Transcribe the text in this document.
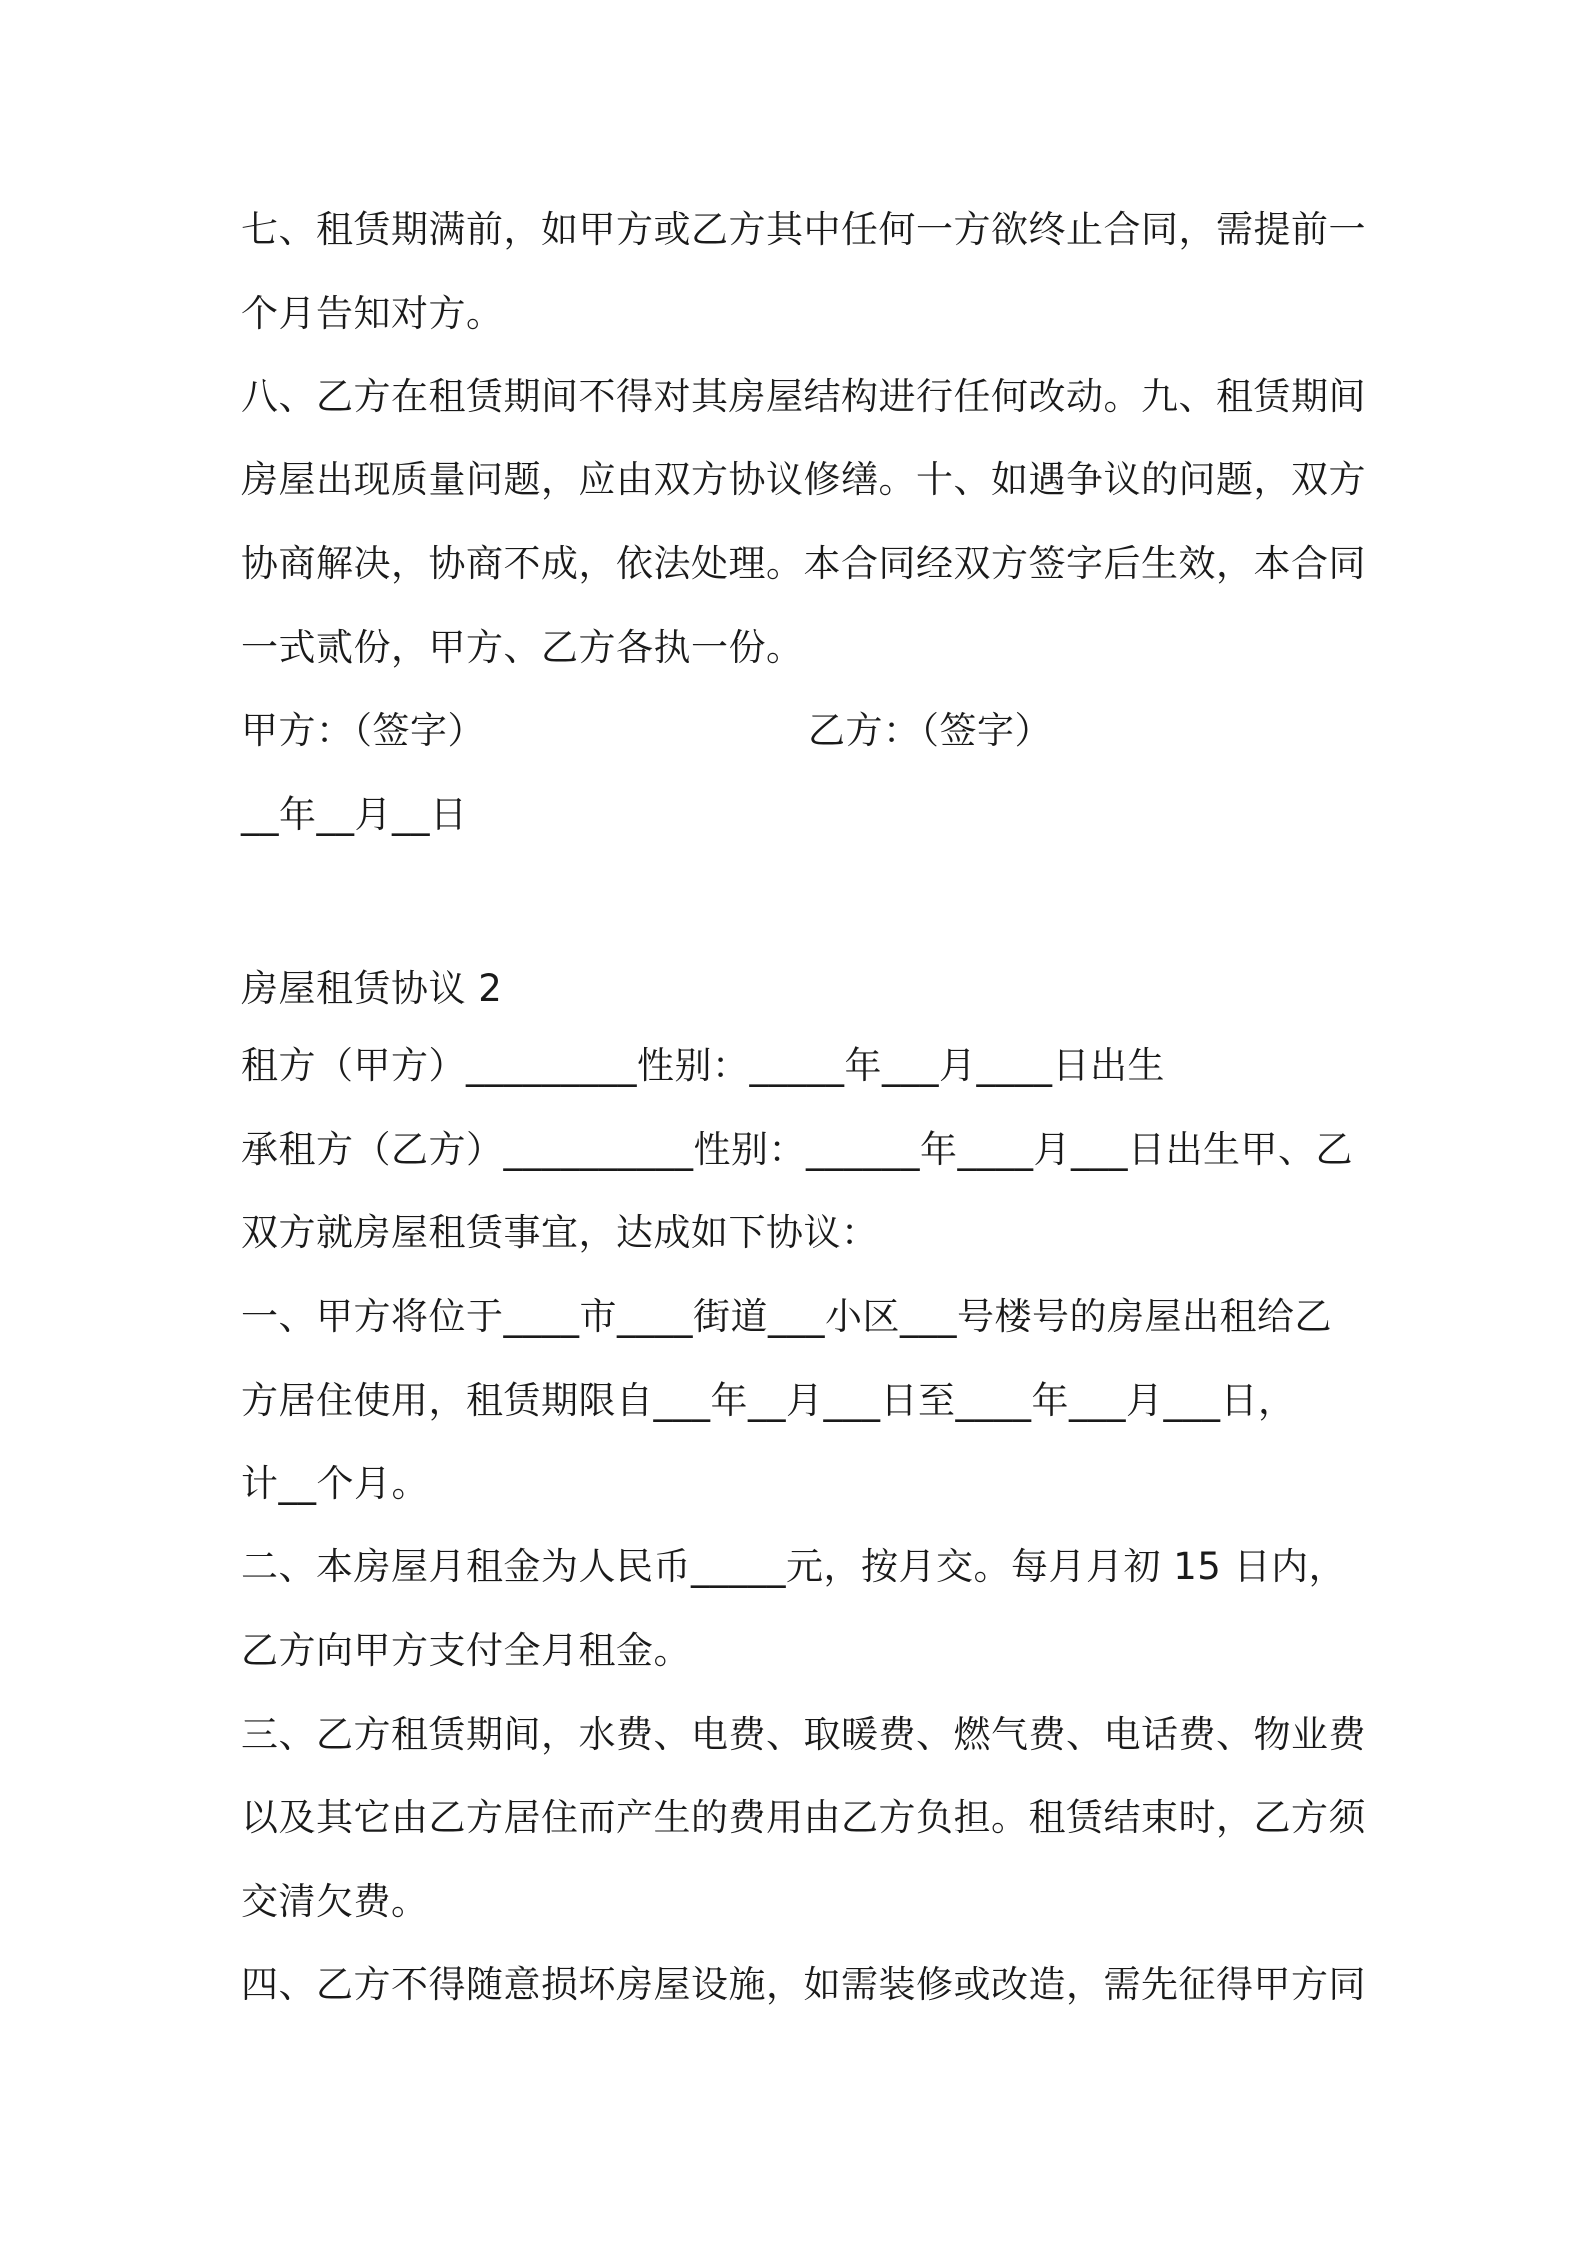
七、租赁期满前，如甲方或乙方其中任何一方欲终止合同，需提前一
个月告知对方。
八、乙方在租赁期间不得对其房屋结构进行任何改动。九、租赁期间
房屋出现质量问题，应由双方协议修缮。十、如遇争议的问题，双方
协商解决，协商不成，依法处理。本合同经双方签字后生效，本合同
一式贰份，甲方、乙方各执一份。
甲方：（签字）	乙方：（签字）
__年__月__日
房屋租赁协议 2
租方（甲方）_________性别：_____年___月____日出生
承租方（乙方）__________性别：______年____月___日出生甲、乙
双方就房屋租赁事宜，达成如下协议：
一、甲方将位于____市____街道___小区___号楼号的房屋出租给乙
方居住使用，租赁期限自___年__月___日至____年___月___日，
计__个月。
二、本房屋月租金为人民币_____元，按月交。每月月初 15 日内，
乙方向甲方支付全月租金。
三、乙方租赁期间，水费、电费、取暖费、燃气费、电话费、物业费
以及其它由乙方居住而产生的费用由乙方负担。租赁结束时，乙方须
交清欠费。
四、乙方不得随意损坏房屋设施，如需装修或改造，需先征得甲方同
